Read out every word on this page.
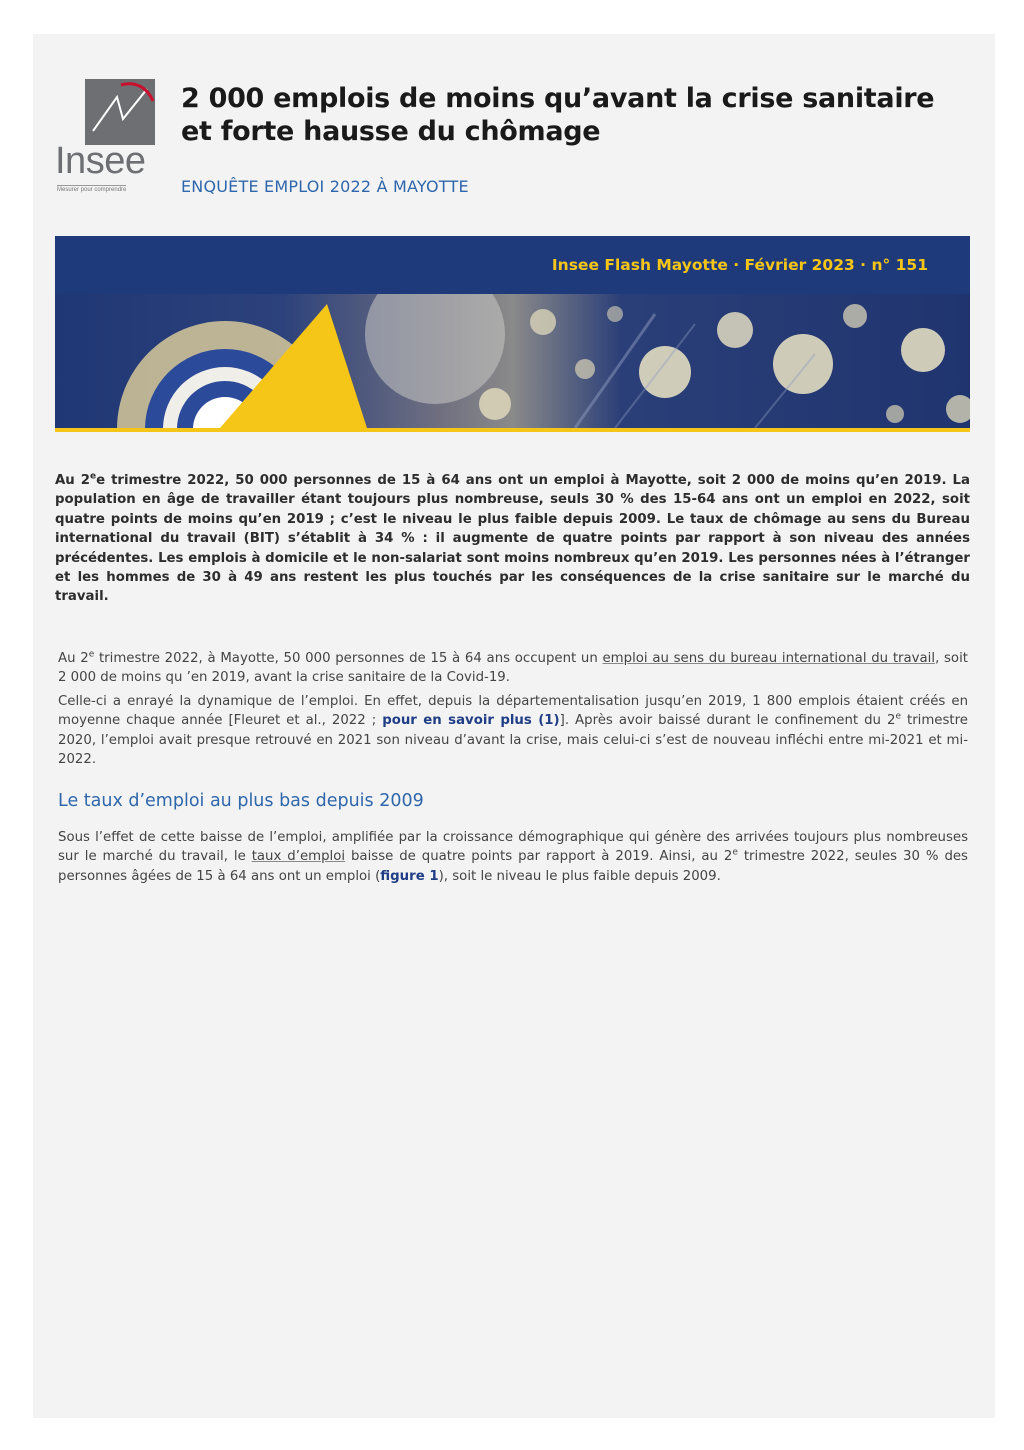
Insee
Mesurer pour comprendre
2 000 emplois de moins qu’avant la crise sanitaire et forte hausse du chômage
ENQUÊTE EMPLOI 2022 À MAYOTTE
Insee Flash Mayotte · Février 2023 · n° 151

Au 2ee trimestre 2022, 50 000 personnes de 15 à 64 ans ont un emploi à Mayotte, soit 2 000 de moins qu’en 2019. La population en âge de travailler étant toujours plus nombreuse, seuls 30 % des 15-64 ans ont un emploi en 2022, soit quatre points de moins qu’en 2019 ; c’est le niveau le plus faible depuis 2009. Le taux de chômage au sens du Bureau international du travail (BIT) s’établit à 34 % : il augmente de quatre points par rapport à son niveau des années précédentes. Les emplois à domicile et le non-salariat sont moins nombreux qu’en 2019. Les personnes nées à l’étranger et les hommes de 30 à 49 ans restent les plus touchés par les conséquences de la crise sanitaire sur le marché du travail.

Au 2e trimestre 2022, à Mayotte, 50 000 personnes de 15 à 64 ans occupent un emploi au sens du bureau international du travail, soit 2 000 de moins qu ’en 2019, avant la crise sanitaire de la Covid-19.

Celle-ci a enrayé la dynamique de l’emploi. En effet, depuis la départementalisation jusqu’en 2019, 1 800 emplois étaient créés en moyenne chaque année [Fleuret et al., 2022 ; pour en savoir plus (1)]. Après avoir baissé durant le confinement du 2e trimestre 2020, l’emploi avait presque retrouvé en 2021 son niveau d’avant la crise, mais celui-ci s’est de nouveau infléchi entre mi-2021 et mi-2022.

Le taux d’emploi au plus bas depuis 2009

Sous l’effet de cette baisse de l’emploi, amplifiée par la croissance démographique qui génère des arrivées toujours plus nombreuses sur le marché du travail, le taux d’emploi baisse de quatre points par rapport à 2019. Ainsi, au 2e trimestre 2022, seules 30 % des personnes âgées de 15 à 64 ans ont un emploi (figure 1), soit le niveau le plus faible depuis 2009.
